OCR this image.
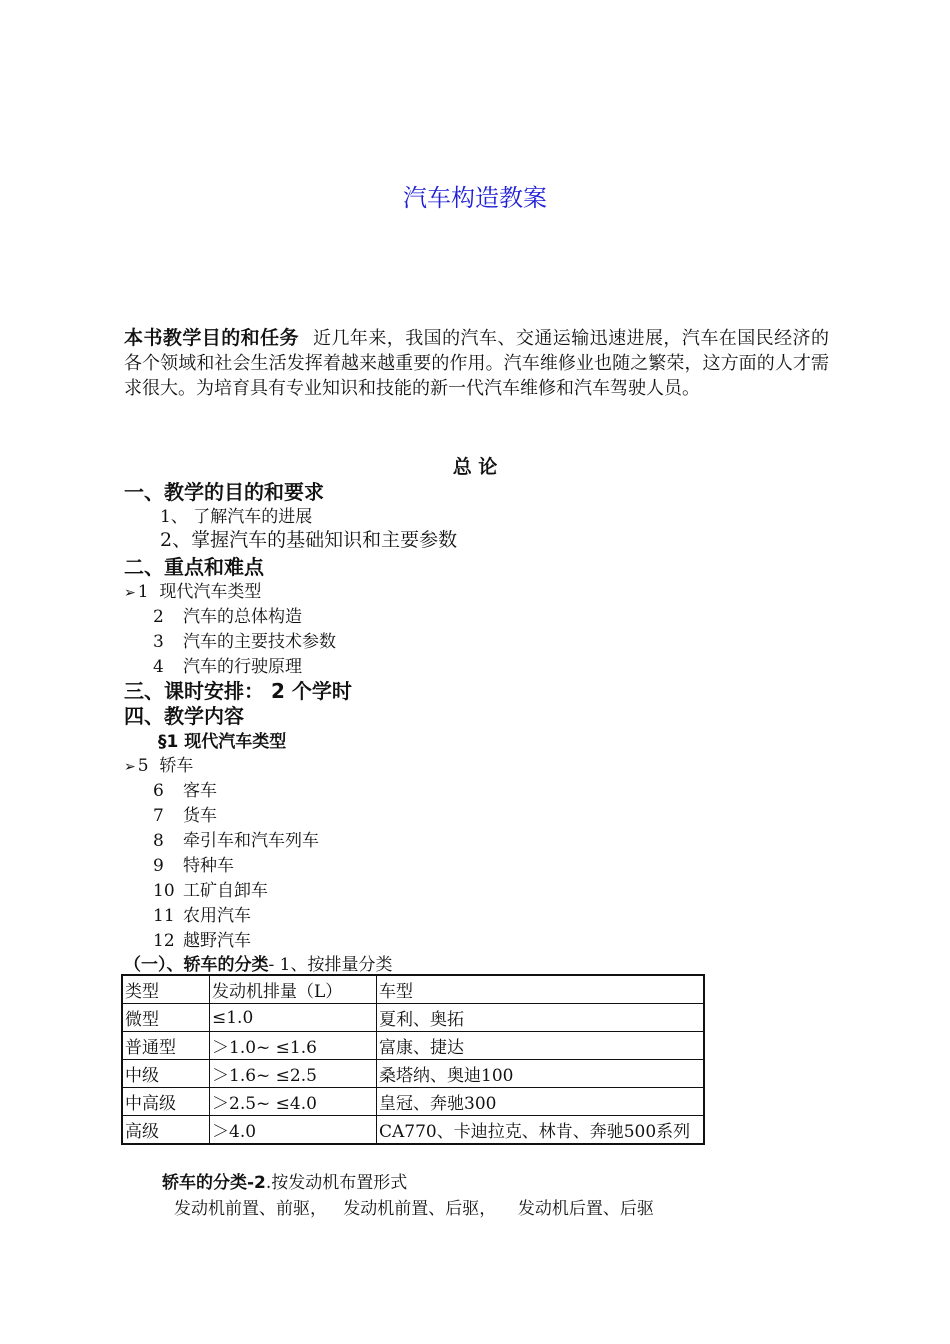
汽车构造教案
本书教学目的和任务 近几年来，我国的汽车、交通运输迅速进展，汽车在国民经济的各个领域和社会生活发挥着越来越重要的作用。汽车维修业也随之繁荣，这方面的人才需求很大。为培育具有专业知识和技能的新一代汽车维修和汽车驾驶人员。
总 论
一、教学的目的和要求
1、 了解汽车的进展
2、掌握汽车的基础知识和主要参数
二、重点和难点
➢ 1 现代汽车类型
2 汽车的总体构造
3 汽车的主要技术参数
4 汽车的行驶原理
三、课时安排： 2 个学时
四、教学内容
§1 现代汽车类型
➢ 5 轿车
6 客车
7 货车
8 牵引车和汽车列车
9 特种车
10 工矿自卸车
11 农用汽车
12 越野汽车
（一）、轿车的分类- 1、按排量分类
类型	发动机排量（L）	车型
微型	≤1.0	夏利、奥拓
普通型	＞1.0~ ≤1.6	富康、捷达
中级	＞1.6~ ≤2.5	桑塔纳、奥迪100
中高级	＞2.5~ ≤4.0	皇冠、奔驰300
高级	＞4.0	CA770、卡迪拉克、林肯、奔驰500系列
轿车的分类-2.按发动机布置形式
发动机前置、前驱，   发动机前置、后驱，    发动机后置、后驱
